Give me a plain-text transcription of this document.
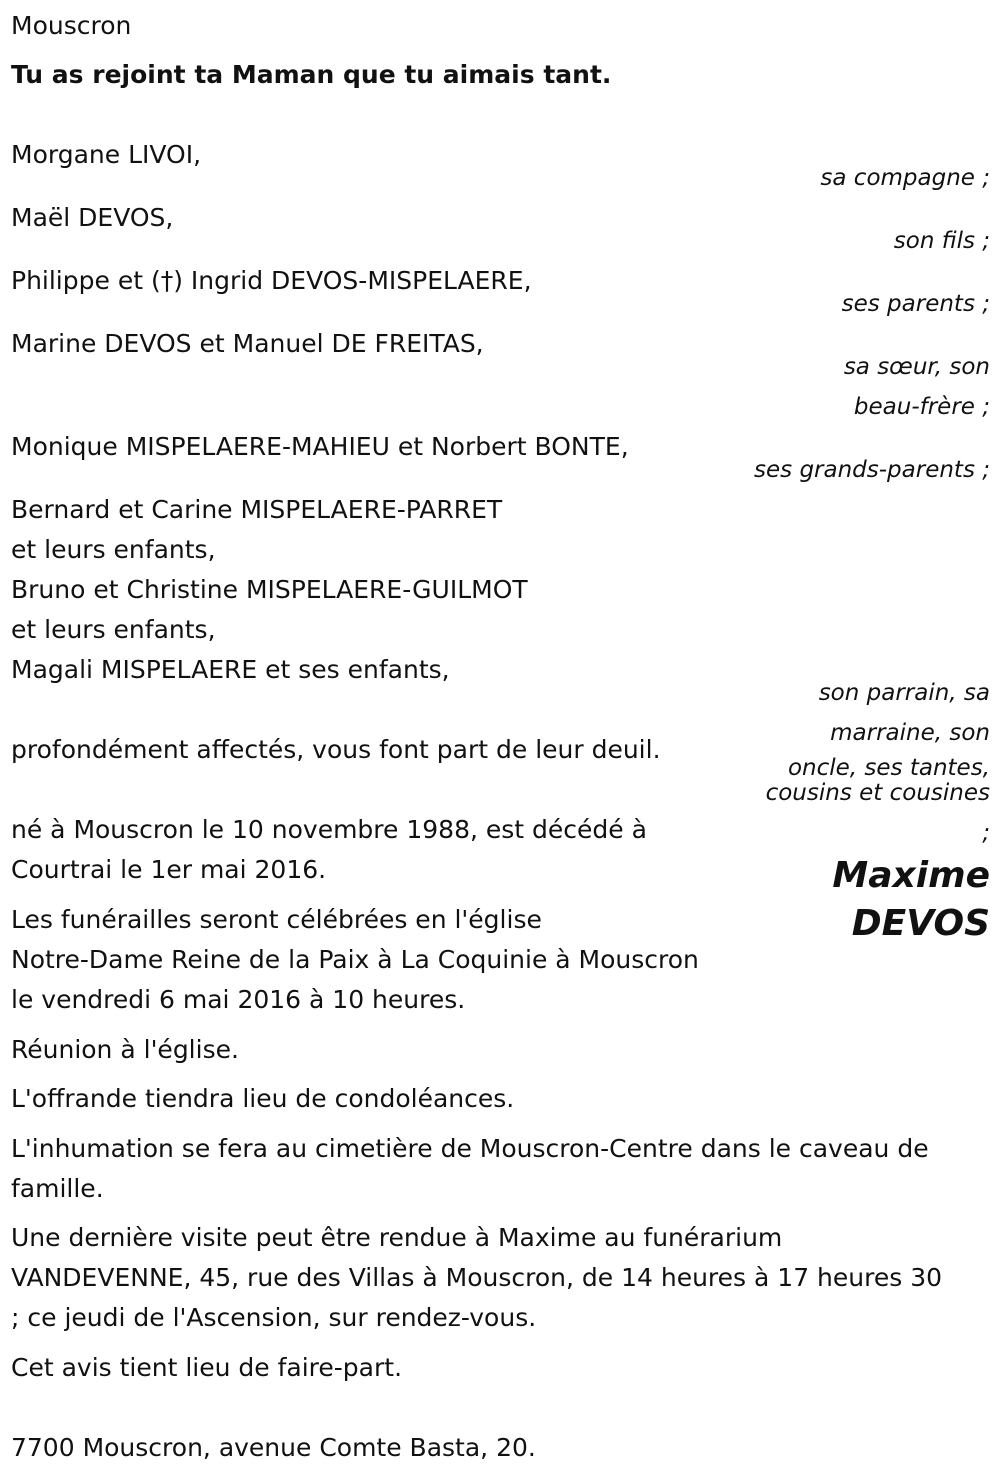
Mouscron
Tu as rejoint ta Maman que tu aimais tant.
Morgane LIVOI,
sa compagne ;
Maël DEVOS,
son fils ;
Philippe et (†) Ingrid DEVOS-MISPELAERE,
ses parents ;
Marine DEVOS et Manuel DE FREITAS,
sa sœur, son
beau-frère ;
Monique MISPELAERE-MAHIEU et Norbert BONTE,
ses grands-parents ;
Bernard et Carine MISPELAERE-PARRET
et leurs enfants,
Bruno et Christine MISPELAERE-GUILMOT
et leurs enfants,
Magali MISPELAERE et ses enfants,
son parrain, sa
marraine, son
oncle, ses tantes,
cousins et cousines
;
profondément affectés, vous font part de leur deuil.
Maxime
DEVOS
né à Mouscron le 10 novembre 1988, est décédé à
Courtrai le 1er mai 2016.
Les funérailles seront célébrées en l'église
Notre-Dame Reine de la Paix à La Coquinie à Mouscron
le vendredi 6 mai 2016 à 10 heures.
Réunion à l'église.
L'offrande tiendra lieu de condoléances.
L'inhumation se fera au cimetière de Mouscron-Centre dans le caveau de
famille.
Une dernière visite peut être rendue à Maxime au funérarium
VANDEVENNE, 45, rue des Villas à Mouscron, de 14 heures à 17 heures 30
; ce jeudi de l'Ascension, sur rendez-vous.
Cet avis tient lieu de faire-part.
7700 Mouscron, avenue Comte Basta, 20.
